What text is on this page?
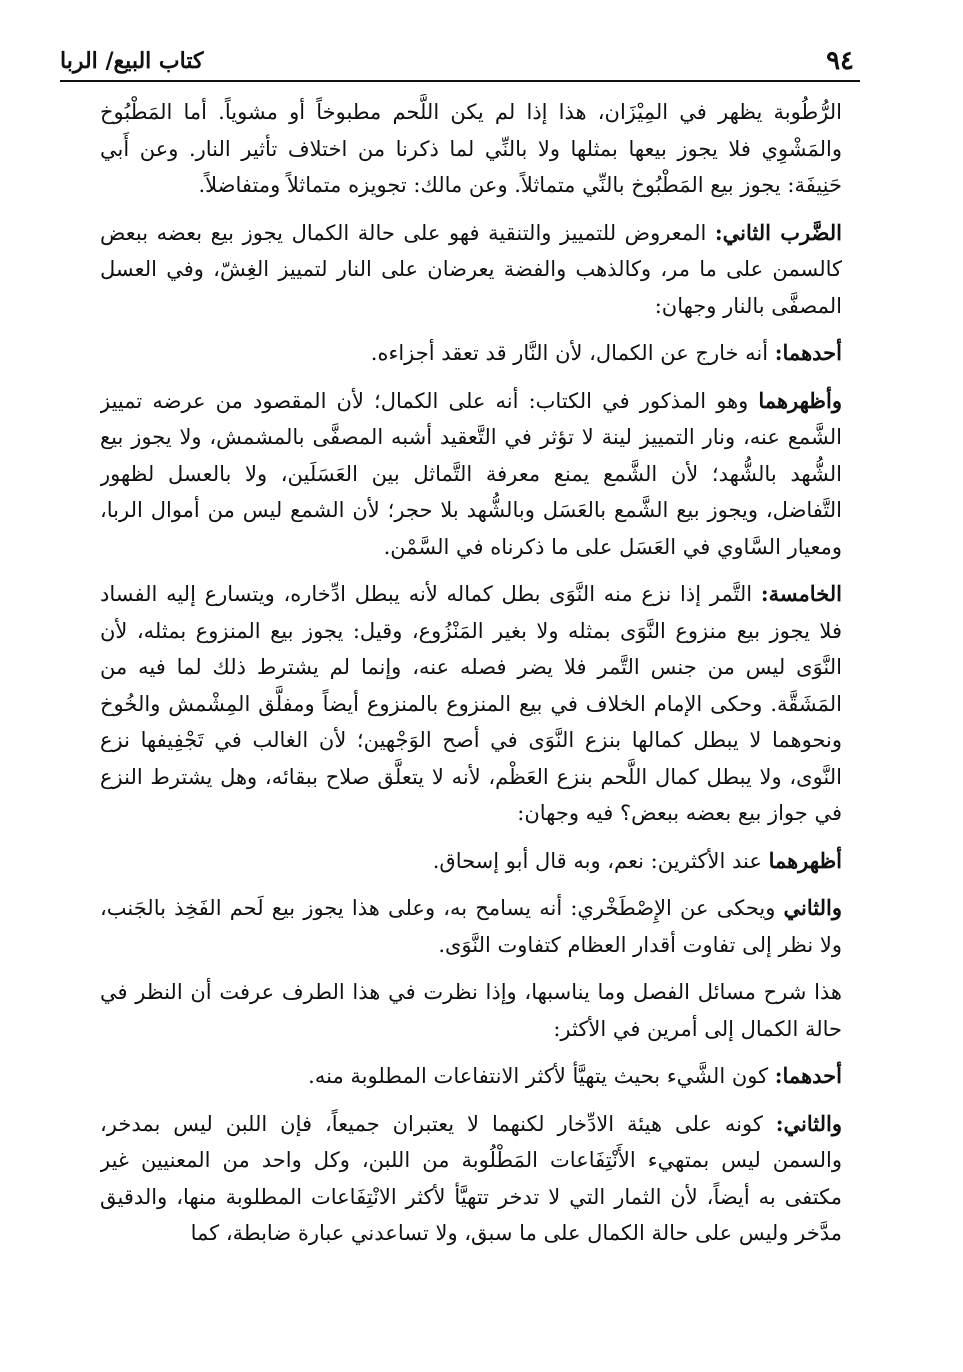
كتاب البيع/ الربا	٩٤

الرُّطُوبة يظهر في المِيْزَان، هذا إذا لم يكن اللَّحم مطبوخاً أو مشوياً. أما المَطْبُوخ والمَشْوِي فلا يجوز بيعها بمثلها ولا بالنِّي لما ذكرنا من اختلاف تأثير النار. وعن أَبي حَنِيفَة: يجوز بيع المَطْبُوخ بالنِّي متماثلاً. وعن مالك: تجويزه متماثلاً ومتفاضلاً.

الضَّرب الثاني: المعروض للتمييز والتنقية فهو على حالة الكمال يجوز بيع بعضه ببعض كالسمن على ما مر، وكالذهب والفضة يعرضان على النار لتمييز الغِشّ، وفي العسل المصفَّى بالنار وجهان:

أحدهما: أنه خارج عن الكمال، لأن النَّار قد تعقد أجزاءه.

وأظهرهما وهو المذكور في الكتاب: أنه على الكمال؛ لأن المقصود من عرضه تمييز الشَّمع عنه، ونار التمييز لينة لا تؤثر في التَّعقيد أشبه المصفَّى بالمشمش، ولا يجوز بيع الشُّهد بالشُّهد؛ لأن الشَّمع يمنع معرفة التَّماثل بين العَسَلَين، ولا بالعسل لظهور التَّفاضل، ويجوز بيع الشَّمع بالعَسَل وبالشُّهد بلا حجر؛ لأن الشمع ليس من أموال الربا، ومعيار السَّاوي في العَسَل على ما ذكرناه في السَّمْن.

الخامسة: التَّمر إذا نزع منه النَّوَى بطل كماله لأنه يبطل ادِّخاره، ويتسارع إليه الفساد فلا يجوز بيع منزوع النَّوَى بمثله ولا بغير المَنْزُوع، وقيل: يجوز بيع المنزوع بمثله، لأن النَّوَى ليس من جنس التَّمر فلا يضر فصله عنه، وإنما لم يشترط ذلك لما فيه من المَشَقَّة. وحكى الإمام الخلاف في بيع المنزوع بالمنزوع أيضاً ومفلَّق المِشْمش والخُوخ ونحوهما لا يبطل كمالها بنزع النَّوَى في أصح الوَجْهين؛ لأن الغالب في تَجْفِيفها نزع النَّوى، ولا يبطل كمال اللَّحم بنزع العَظْم، لأنه لا يتعلَّق صلاح ببقائه، وهل يشترط النزع في جواز بيع بعضه ببعض؟ فيه وجهان:

أظهرهما عند الأكثرين: نعم، وبه قال أبو إسحاق.

والثاني ويحكى عن الإِصْطَخْري: أنه يسامح به، وعلى هذا يجوز بيع لَحم الفَخِذ بالجَنب، ولا نظر إلى تفاوت أقدار العظام كتفاوت النَّوَى.

هذا شرح مسائل الفصل وما يناسبها، وإذا نظرت في هذا الطرف عرفت أن النظر في حالة الكمال إلى أمرين في الأكثر:

أحدهما: كون الشَّيء بحيث يتهيَّأ لأكثر الانتفاعات المطلوبة منه.

والثاني: كونه على هيئة الادِّخار لكنهما لا يعتبران جميعاً، فإن اللبن ليس بمدخر، والسمن ليس بمتهيء الأَنْتِفَاعات المَطْلُوبة من اللبن، وكل واحد من المعنيين غير مكتفى به أيضاً، لأن الثمار التي لا تدخر تتهيَّأ لأكثر الانْتِفَاعات المطلوبة منها، والدقيق مدَّخر وليس على حالة الكمال على ما سبق، ولا تساعدني عبارة ضابطة، كما
